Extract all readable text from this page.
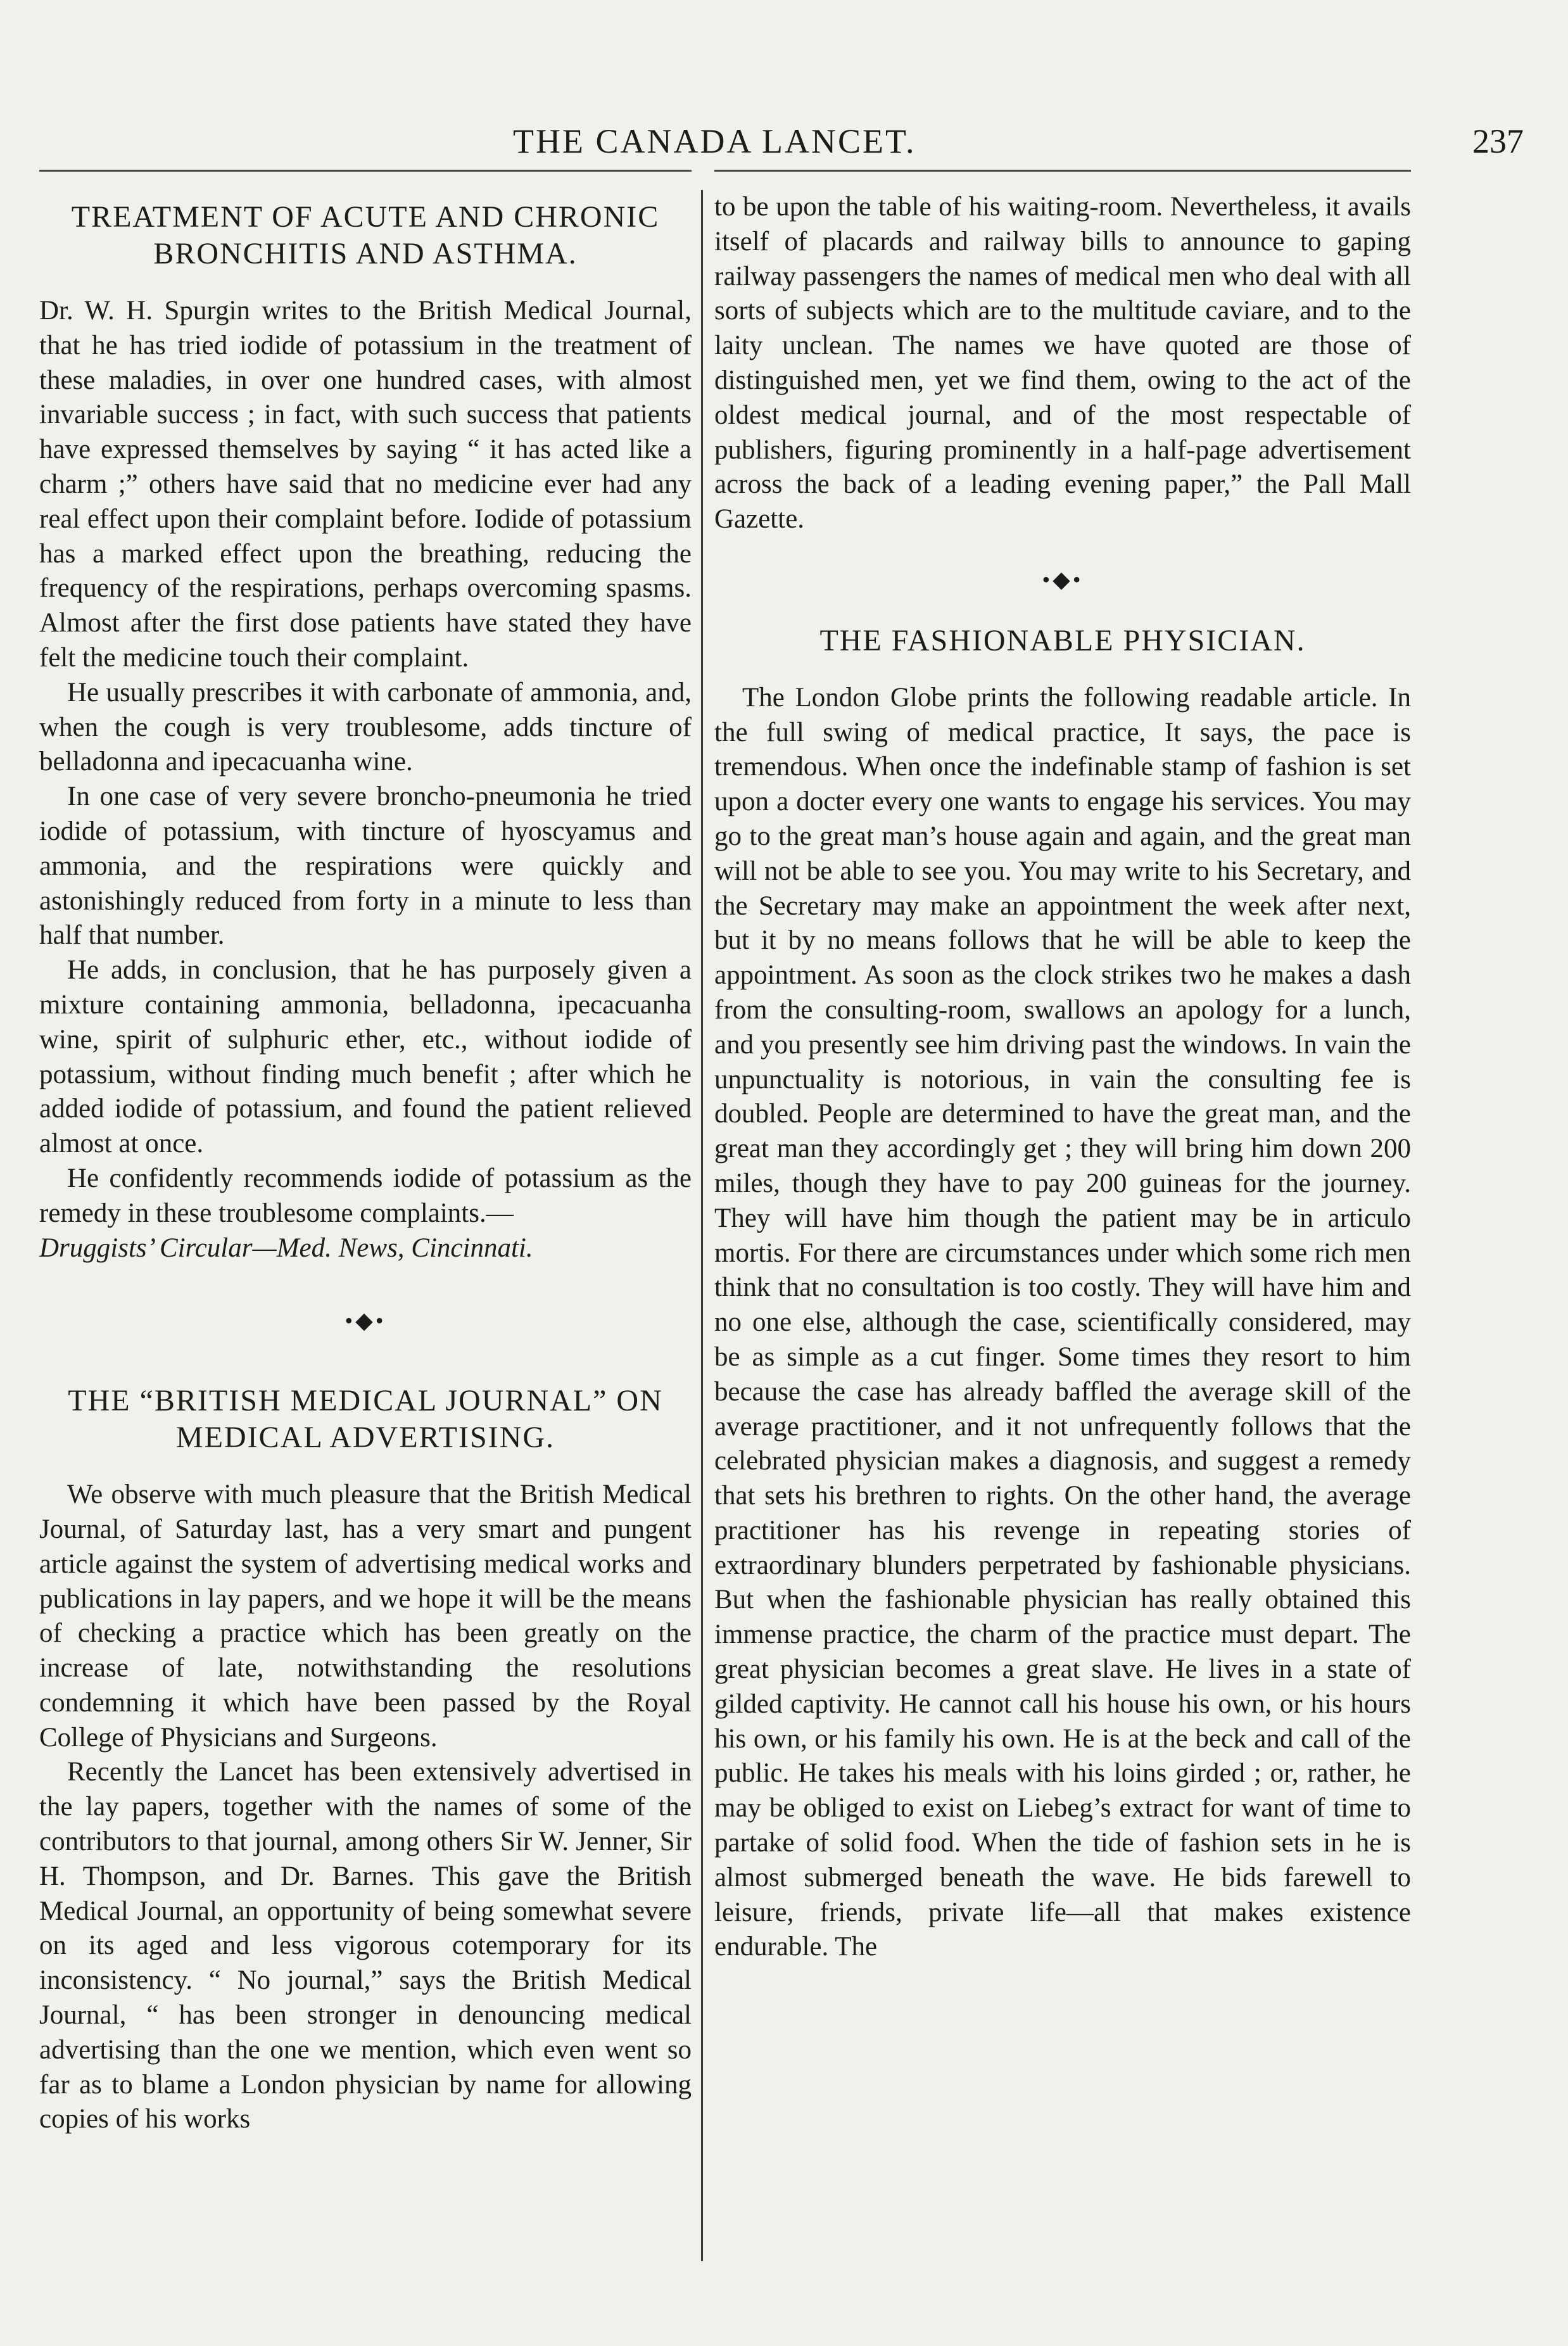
THE CANADA LANCET.	237
TREATMENT OF ACUTE AND CHRONIC BRONCHITIS AND ASTHMA.

Dr. W. H. Spurgin writes to the British Medical Journal, that he has tried iodide of potassium in the treatment of these maladies, in over one hundred cases, with almost invariable success ; in fact, with such success that patients have expressed themselves by saying “ it has acted like a charm ;” others have said that no medicine ever had any real effect upon their complaint before. Iodide of potassium has a marked effect upon the breathing, reducing the frequency of the respirations, perhaps overcoming spasms. Almost after the first dose patients have stated they have felt the medicine touch their complaint.

He usually prescribes it with carbonate of ammonia, and, when the cough is very troublesome, adds tincture of belladonna and ipecacuanha wine.

In one case of very severe broncho-pneumonia he tried iodide of potassium, with tincture of hyoscyamus and ammonia, and the respirations were quickly and astonishingly reduced from forty in a minute to less than half that number.

He adds, in conclusion, that he has purposely given a mixture containing ammonia, belladonna, ipecacuanha wine, spirit of sulphuric ether, etc., without iodide of potassium, without finding much benefit ; after which he added iodide of potassium, and found the patient relieved almost at once.

He confidently recommends iodide of potassium as the remedy in these troublesome complaints.—

Druggists’ Circular—Med. News, Cincinnati.

•◆•
THE “BRITISH MEDICAL JOURNAL” ON MEDICAL ADVERTISING.

We observe with much pleasure that the British Medical Journal, of Saturday last, has a very smart and pungent article against the system of advertising medical works and publications in lay papers, and we hope it will be the means of checking a practice which has been greatly on the increase of late, notwithstanding the resolutions condemning it which have been passed by the Royal College of Physicians and Surgeons.

Recently the Lancet has been extensively advertised in the lay papers, together with the names of some of the contributors to that journal, among others Sir W. Jenner, Sir H. Thompson, and Dr. Barnes. This gave the British Medical Journal, an opportunity of being somewhat severe on its aged and less vigorous cotemporary for its inconsistency. “ No journal,” says the British Medical Journal, “ has been stronger in denouncing medical advertising than the one we mention, which even went so far as to blame a London physician by name for allowing copies of his works

to be upon the table of his waiting-room. Nevertheless, it avails itself of placards and railway bills to announce to gaping railway passengers the names of medical men who deal with all sorts of subjects which are to the multitude caviare, and to the laity unclean. The names we have quoted are those of distinguished men, yet we find them, owing to the act of the oldest medical journal, and of the most respectable of publishers, figuring prominently in a half-page advertisement across the back of a leading evening paper,” the Pall Mall Gazette.

•◆•
THE FASHIONABLE PHYSICIAN.

The London Globe prints the following readable article. In the full swing of medical practice, It says, the pace is tremendous. When once the indefinable stamp of fashion is set upon a docter every one wants to engage his services. You may go to the great man’s house again and again, and the great man will not be able to see you. You may write to his Secretary, and the Secretary may make an appointment the week after next, but it by no means follows that he will be able to keep the appointment. As soon as the clock strikes two he makes a dash from the consulting-room, swallows an apology for a lunch, and you presently see him driving past the windows. In vain the unpunctuality is notorious, in vain the consulting fee is doubled. People are determined to have the great man, and the great man they accordingly get ; they will bring him down 200 miles, though they have to pay 200 guineas for the journey. They will have him though the patient may be in articulo mortis. For there are circumstances under which some rich men think that no consultation is too costly. They will have him and no one else, although the case, scientifically considered, may be as simple as a cut finger. Some times they resort to him because the case has already baffled the average skill of the average practitioner, and it not unfrequently follows that the celebrated physician makes a diagnosis, and suggest a remedy that sets his brethren to rights. On the other hand, the average practitioner has his revenge in repeating stories of extraordinary blunders perpetrated by fashionable physicians. But when the fashionable physician has really obtained this immense practice, the charm of the practice must depart. The great physician becomes a great slave. He lives in a state of gilded captivity. He cannot call his house his own, or his hours his own, or his family his own. He is at the beck and call of the public. He takes his meals with his loins girded ; or, rather, he may be obliged to exist on Liebeg’s extract for want of time to partake of solid food. When the tide of fashion sets in he is almost submerged beneath the wave. He bids farewell to leisure, friends, private life—all that makes existence endurable. The
